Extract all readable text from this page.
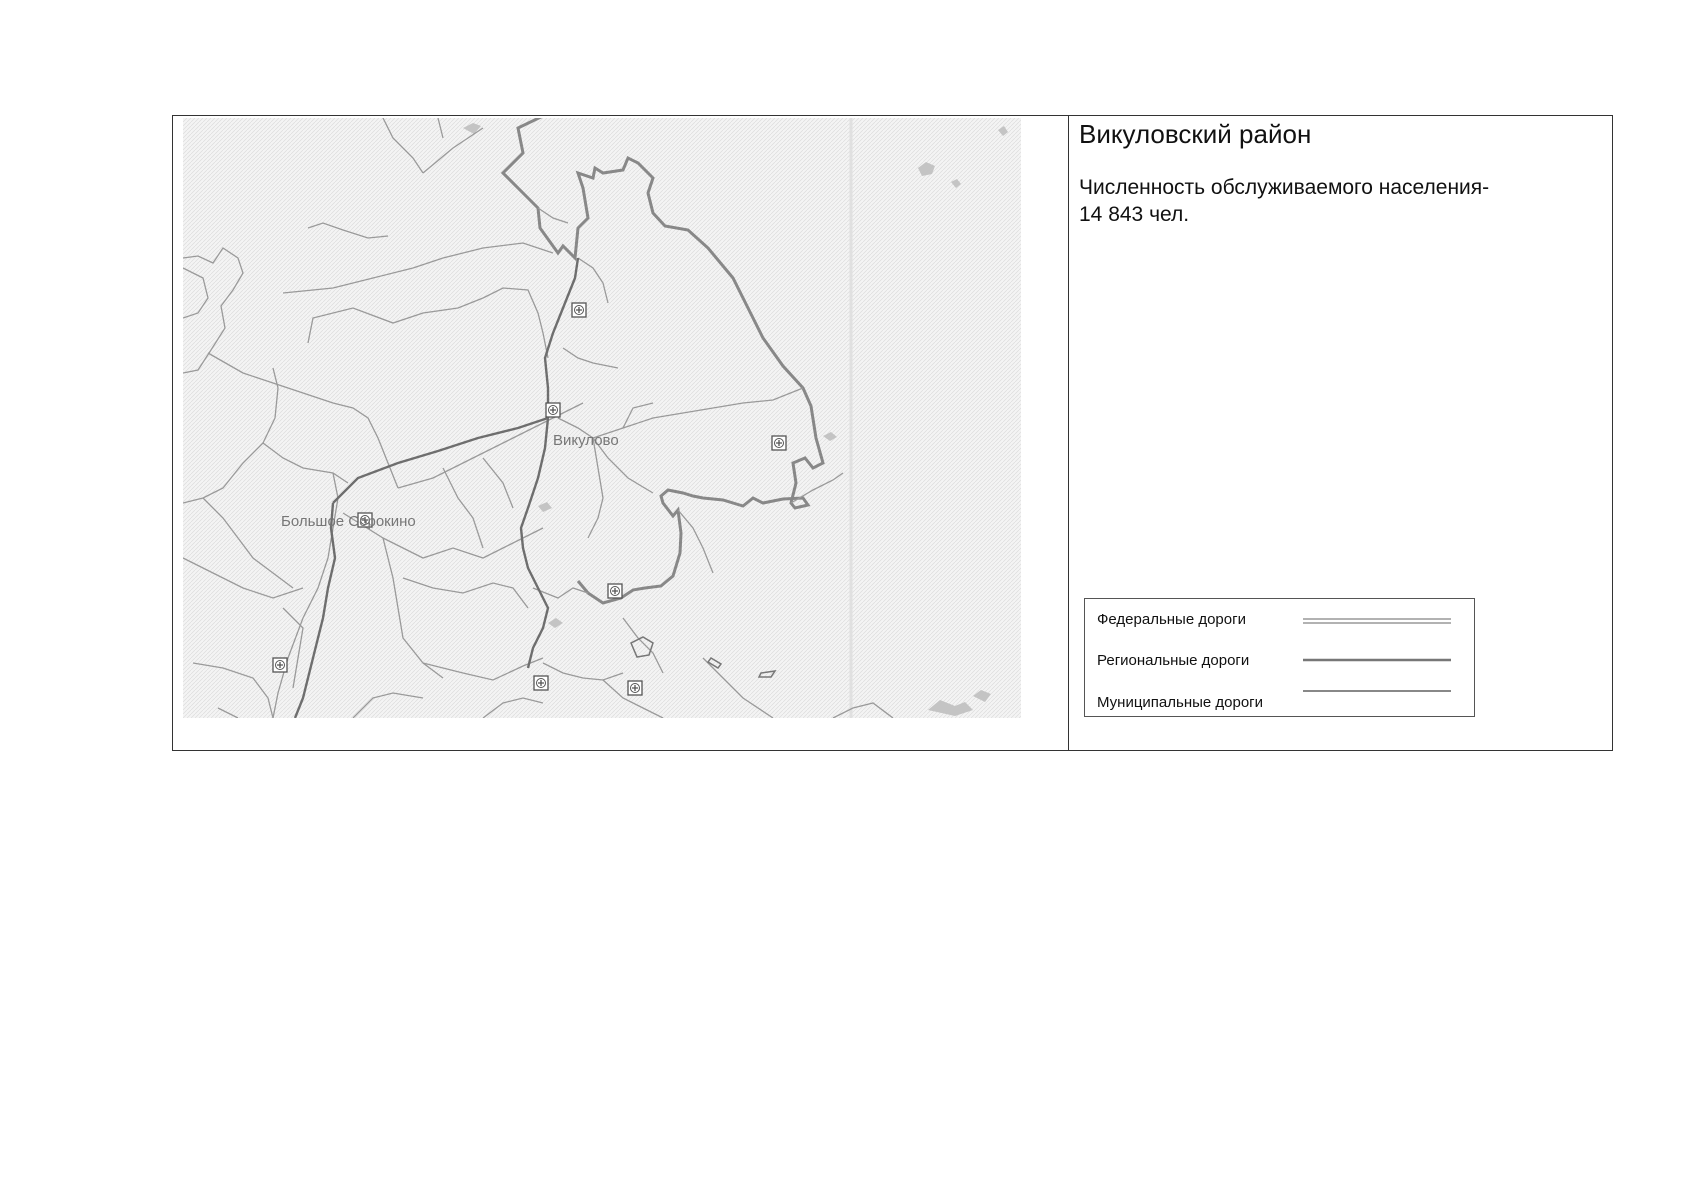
Викулово
Большое Сорокино
Викуловский район
Численность обслуживаемого населения-
14 843 чел.
Федеральные дороги
Региональные дороги
Муниципальные дороги
